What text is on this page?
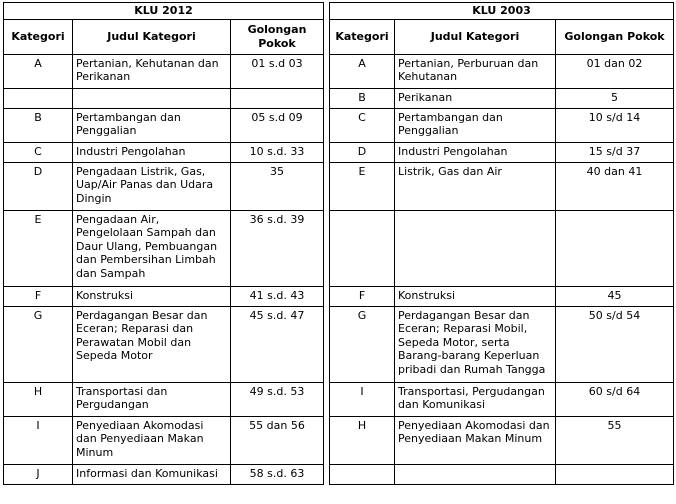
KLU 2012				KLU 2003		
Kategori	Judul Kategori	Golongan Pokok		Kategori	Judul Kategori	Golongan Pokok
A	Pertanian, Kehutanan dan Perikanan	01 s.d 03		A	Pertanian, Perburuan dan Kehutanan	01 dan 02
				B	Perikanan	5
B	Pertambangan dan Penggalian	05 s.d 09		C	Pertambangan dan Penggalian	10 s/d 14
C	Industri Pengolahan	10 s.d. 33		D	Industri Pengolahan	15 s/d 37
D	Pengadaan Listrik, Gas, Uap/Air Panas dan Udara Dingin	35		E	Listrik, Gas dan Air	40 dan 41
E	Pengadaan Air, Pengelolaan Sampah dan Daur Ulang, Pembuangan dan Pembersihan Limbah dan Sampah	36 s.d. 39				
F	Konstruksi	41 s.d. 43		F	Konstruksi	45
G	Perdagangan Besar dan Eceran; Reparasi dan Perawatan Mobil dan Sepeda Motor	45 s.d. 47		G	Perdagangan Besar dan Eceran; Reparasi Mobil, Sepeda Motor, serta Barang-barang Keperluan pribadi dan Rumah Tangga	50 s/d 54
H	Transportasi dan Pergudangan	49 s.d. 53		I	Transportasi, Pergudangan dan Komunikasi	60 s/d 64
I	Penyediaan Akomodasi dan Penyediaan Makan Minum	55 dan 56		H	Penyediaan Akomodasi dan Penyediaan Makan Minum	55
J	Informasi dan Komunikasi	58 s.d. 63				
